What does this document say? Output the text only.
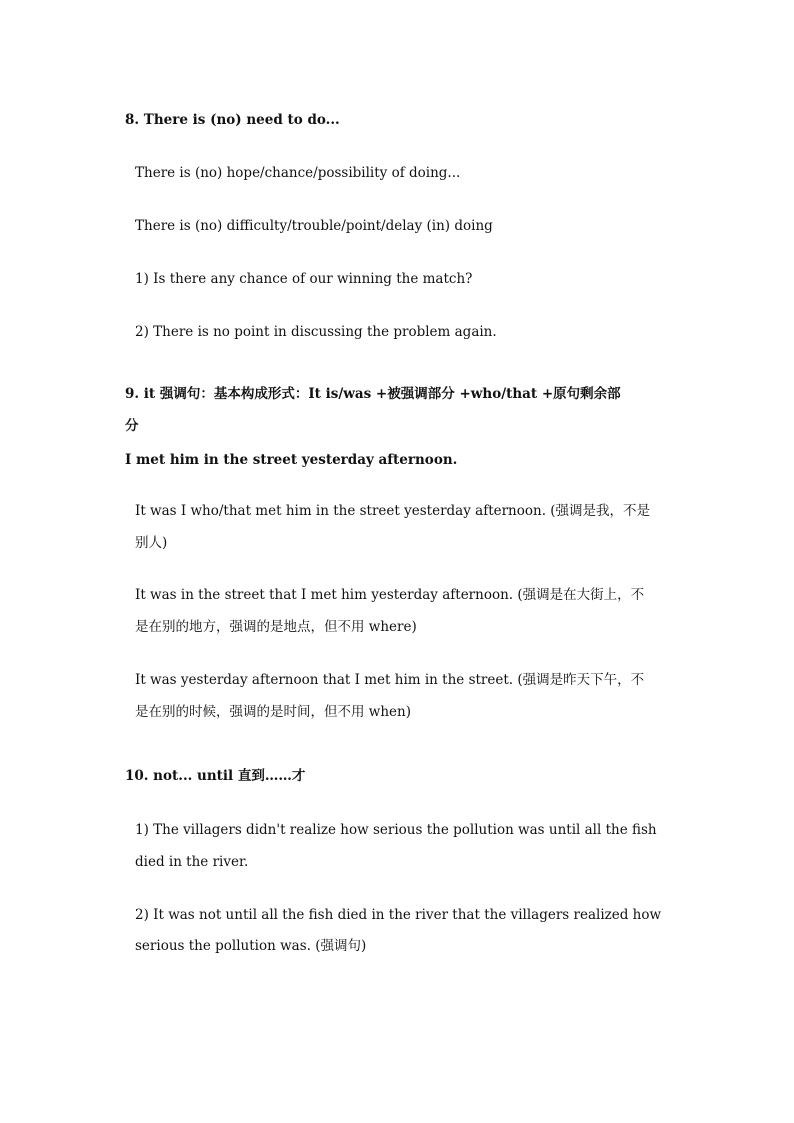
8. There is (no) need to do...
There is (no) hope/chance/possibility of doing...
There is (no) difficulty/trouble/point/delay (in) doing
1) Is there any chance of our winning the match?
2) There is no point in discussing the problem again.
9. it 强调句：基本构成形式：It is/was +被强调部分 +who/that +原句剩余部
分
I met him in the street yesterday afternoon.
It was I who/that met him in the street yesterday afternoon. (强调是我，不是
别人)
It was in the street that I met him yesterday afternoon. (强调是在大街上，不
是在别的地方，强调的是地点，但不用 where)
It was yesterday afternoon that I met him in the street. (强调是昨天下午，不
是在别的时候，强调的是时间，但不用 when)
10. not... until 直到……才
1) The villagers didn't realize how serious the pollution was until all the fish
died in the river.
2) It was not until all the fish died in the river that the villagers realized how
serious the pollution was. (强调句)
